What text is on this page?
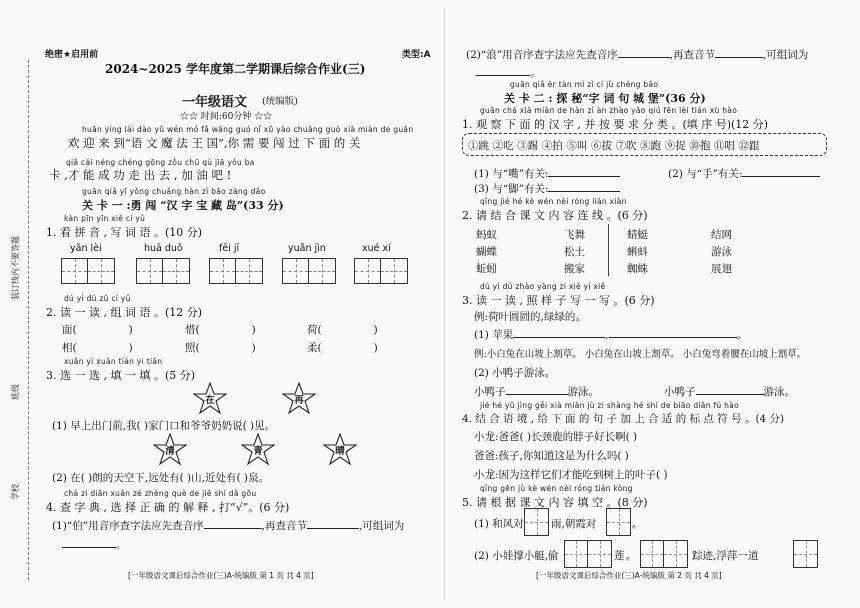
装订线内不要答题
学校
班级
绝密★启用前	类型:A
2024~2025 学年度第二学期课后综合作业(三)
一年级语文 (统编版)
☆☆ 时间:60分钟 ☆☆
huān yíng lái dào yǔ wén mó fǎ wáng guó nǐ xū yào chuǎng guò xià miàn de guān
欢 迎 来 到“语 文 魔 法 王 国”,你 需 要 闯 过 下 面 的 关
qiǎ cái néng chéng gōng zǒu chū qù jiā yóu ba
卡 ,才 能 成 功 走 出 去 , 加 油 吧 !
guān qiǎ yī yǒng chuǎng hàn zì bǎo zàng dǎo
关 卡 一 :勇 闯 “汉 字 宝 藏 岛”(33 分)
kàn pīn yīn xiě cí yǔ
1. 看 拼 音 , 写 词 语 。(10 分)
yǎn lèi	huā duǒ	fēi jī	yuǎn jìn	xué xí
dú yi dú zǔ cí yǔ
2. 读 一 读 , 组 词 语 。(12 分)
面(	)	惜(	)	荷(	)
相(	)	照(	)	柔(	)
xuǎn yi xuǎn tián yi tián
3. 选 一 选 , 填 一 填 。(5 分)
在	再
(1) 早上出门前,我( )家门口和爷爷奶奶说( )见。
清	青	晴
(2) 在( )朗的天空下,远处有( )山,近处有( )泉。
chá zì diǎn xuǎn zé zhèng què de jiě shì dǎ gōu
4. 查 字 典 , 选 择 正 确 的 解 释 , 打“√”。(6 分)
(1)“伯”用音序查字法应先查音序	,再查音节	,可组词为
。
[一年级语文课后综合作业(三)A-统编版 第 1 页 共 4 页]
(2)“浪”用音序查字法应先查音序	,再查音节	,可组词为
。
guān qiǎ èr tàn mì zì cí jù chéng bǎo
关 卡 二 : 探 秘“字 词 句 城 堡”(36 分)
guān chá xià miàn de hàn zì àn zhào yāo qiú fēn lèi tián xù hào
1. 观 察 下 面 的 汉 字 , 并 按 要 求 分 类 。(填 序 号)(12 分)
①跳 ②吃 ③踢 ④拍 ⑤叫 ⑥拔 ⑦吹 ⑧跑 ⑨捉 ⑩抱 ⑪唱 ⑫跟
(1) 与“嘴”有关:	(2) 与“手”有关:
(3) 与“脚”有关:
qǐng jié hé kè wén nèi róng lián xiàn
2. 请 结 合 课 文 内 容 连 线 。(6 分)
蚂蚁
蝴蝶
蚯蚓
飞舞
松土
搬家
蜻蜓
蝌蚪
蜘蛛
结网
游泳
展翅
dú yi dú zhào yàng zi xiě yi xiě
3. 读 一 读 , 照 样 子 写 一 写 。(6 分)
例:荷叶圆圆的,绿绿的。
(1) 苹果	,	。
例:小白兔在山坡上割草。 小白兔在山坡上割草。 小白兔弯着腰在山坡上割草。
(2) 小鸭子游泳。
小鸭子	游泳。	小鸭子	游泳。
jié hé yǔ jìng gěi xià miàn jù zi shàng hé shì de biāo diǎn fú hào
4. 结 合 语 境 , 给 下 面 的 句 子 加 上 合 适 的 标 点 符 号 。(4 分)
小龙:爸爸( )长颈鹿的脖子好长啊( )
爸爸:孩子,你知道这是为什么吗( )
小龙:因为这样它们才能吃到树上的叶子( )
qǐng gēn jù kè wén nèi róng tián kòng
5. 请 根 据 课 文 内 容 填 空 。(8 分)
(1) 和风对	雨,朝霞对	。
(2) 小娃撑小艇,偷	莲 。	踪迹,浮萍一道
[一年级语文课后综合作业(三)A-统编版 第 2 页 共 4 页]
